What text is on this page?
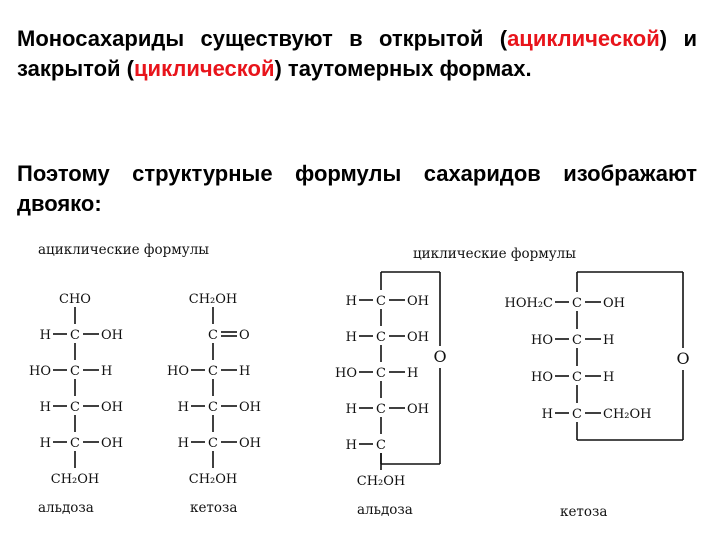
Моносахариды существуют в открытой (ациклической) и закрытой (циклической) таутомерных формах.
Поэтому структурные формулы сахаридов изображают двояко:
ациклические формулы	циклические формулы
CHO
C
H	OH
C
HO	H
C
H	OH
C
H	OH
CH₂OH
альдоза
CH₂OH
C O
C
HO	H
C
H	OH
C
H	OH
CH₂OH
кетоза
C
H	OH
C
H	OH
C
HO	H
C
H	OH
C
H
CH₂OH
альдоза
O
C
HOH₂C	OH
C
HO	H
C
HO	H
C
H	CH₂OH
кетоза
O
